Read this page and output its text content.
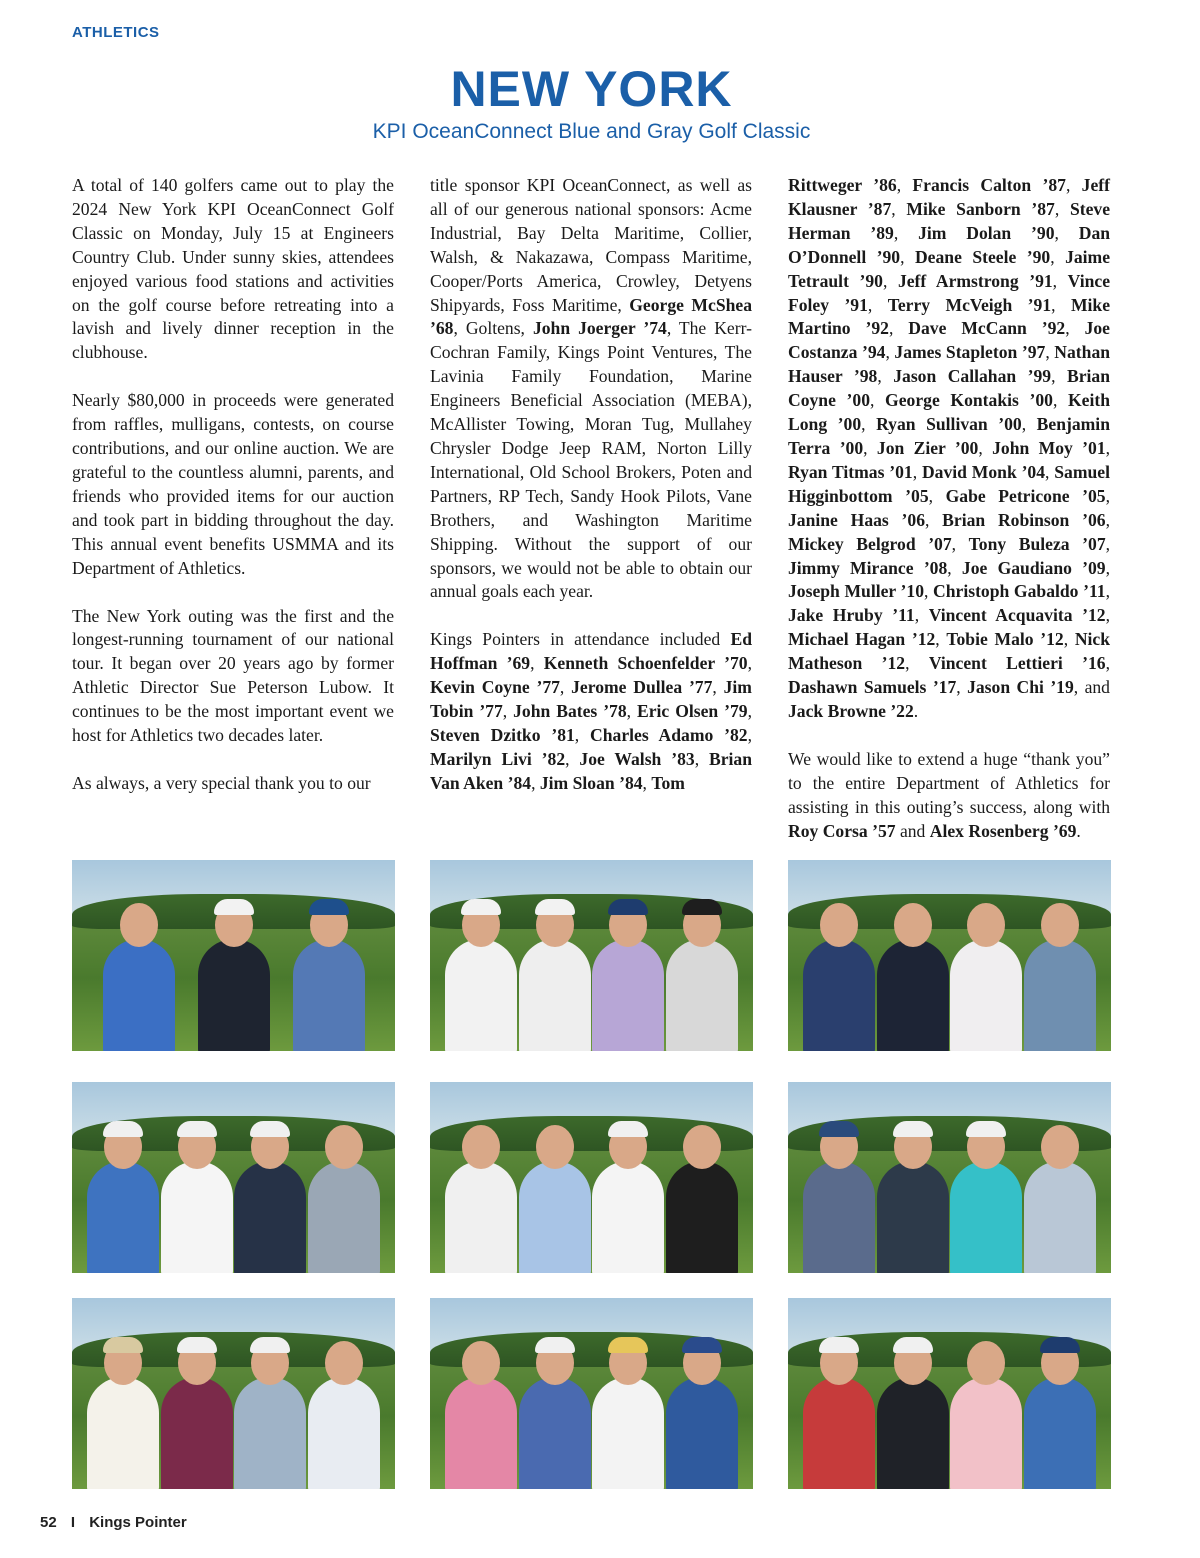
ATHLETICS
NEW YORK
KPI OceanConnect Blue and Gray Golf Classic

A total of 140 golfers came out to play the 2024 New York KPI OceanConnect Golf Classic on Monday, July 15 at Engineers Country Club. Under sunny skies, attendees enjoyed various food stations and activities on the golf course before retreating into a lavish and lively dinner reception in the clubhouse.

Nearly $80,000 in proceeds were generated from raffles, mulligans, contests, on course contributions, and our online auction. We are grateful to the countless alumni, parents, and friends who provided items for our auction and took part in bidding throughout the day. This annual event benefits USMMA and its Department of Athletics.

The New York outing was the first and the longest-running tournament of our national tour. It began over 20 years ago by former Athletic Director Sue Peterson Lubow. It continues to be the most important event we host for Athletics two decades later.

As always, a very special thank you to our

title sponsor KPI OceanConnect, as well as all of our generous national sponsors: Acme Industrial, Bay Delta Maritime, Collier, Walsh, & Nakazawa, Compass Maritime, Cooper/Ports America, Crowley, Detyens Shipyards, Foss Maritime, George McShea ’68, Goltens, John Joerger ’74, The Kerr-Cochran Family, Kings Point Ventures, The Lavinia Family Foundation, Marine Engineers Beneficial Association (MEBA), McAllister Towing, Moran Tug, Mullahey Chrysler Dodge Jeep RAM, Norton Lilly International, Old School Brokers, Poten and Partners, RP Tech, Sandy Hook Pilots, Vane Brothers, and Washington Maritime Shipping. Without the support of our sponsors, we would not be able to obtain our annual goals each year.

Kings Pointers in attendance included Ed Hoffman ’69, Kenneth Schoenfelder ’70, Kevin Coyne ’77, Jerome Dullea ’77, Jim Tobin ’77, John Bates ’78, Eric Olsen ’79, Steven Dzitko ’81, Charles Adamo ’82, Marilyn Livi ’82, Joe Walsh ’83, Brian Van Aken ’84, Jim Sloan ’84, Tom

Rittweger ’86, Francis Calton ’87, Jeff Klausner ’87, Mike Sanborn ’87, Steve Herman ’89, Jim Dolan ’90, Dan O’Donnell ’90, Deane Steele ’90, Jaime Tetrault ’90, Jeff Armstrong ’91, Vince Foley ’91, Terry McVeigh ’91, Mike Martino ’92, Dave McCann ’92, Joe Costanza ’94, James Stapleton ’97, Nathan Hauser ’98, Jason Callahan ’99, Brian Coyne ’00, George Kontakis ’00, Keith Long ’00, Ryan Sullivan ’00, Benjamin Terra ’00, Jon Zier ’00, John Moy ’01, Ryan Titmas ’01, David Monk ’04, Samuel Higginbottom ’05, Gabe Petricone ’05, Janine Haas ’06, Brian Robinson ’06, Mickey Belgrod ’07, Tony Buleza ’07, Jimmy Mirance ’08, Joe Gaudiano ’09, Joseph Muller ’10, Christoph Gabaldo ’11, Jake Hruby ’11, Vincent Acquavita ’12, Michael Hagan ’12, Tobie Malo ’12, Nick Matheson ’12, Vincent Lettieri ’16, Dashawn Samuels ’17, Jason Chi ’19, and Jack Browne ’22.

We would like to extend a huge “thank you” to the entire Department of Athletics for assisting in this outing’s success, along with Roy Corsa ’57 and Alex Rosenberg ’69.

52 I Kings Pointer
